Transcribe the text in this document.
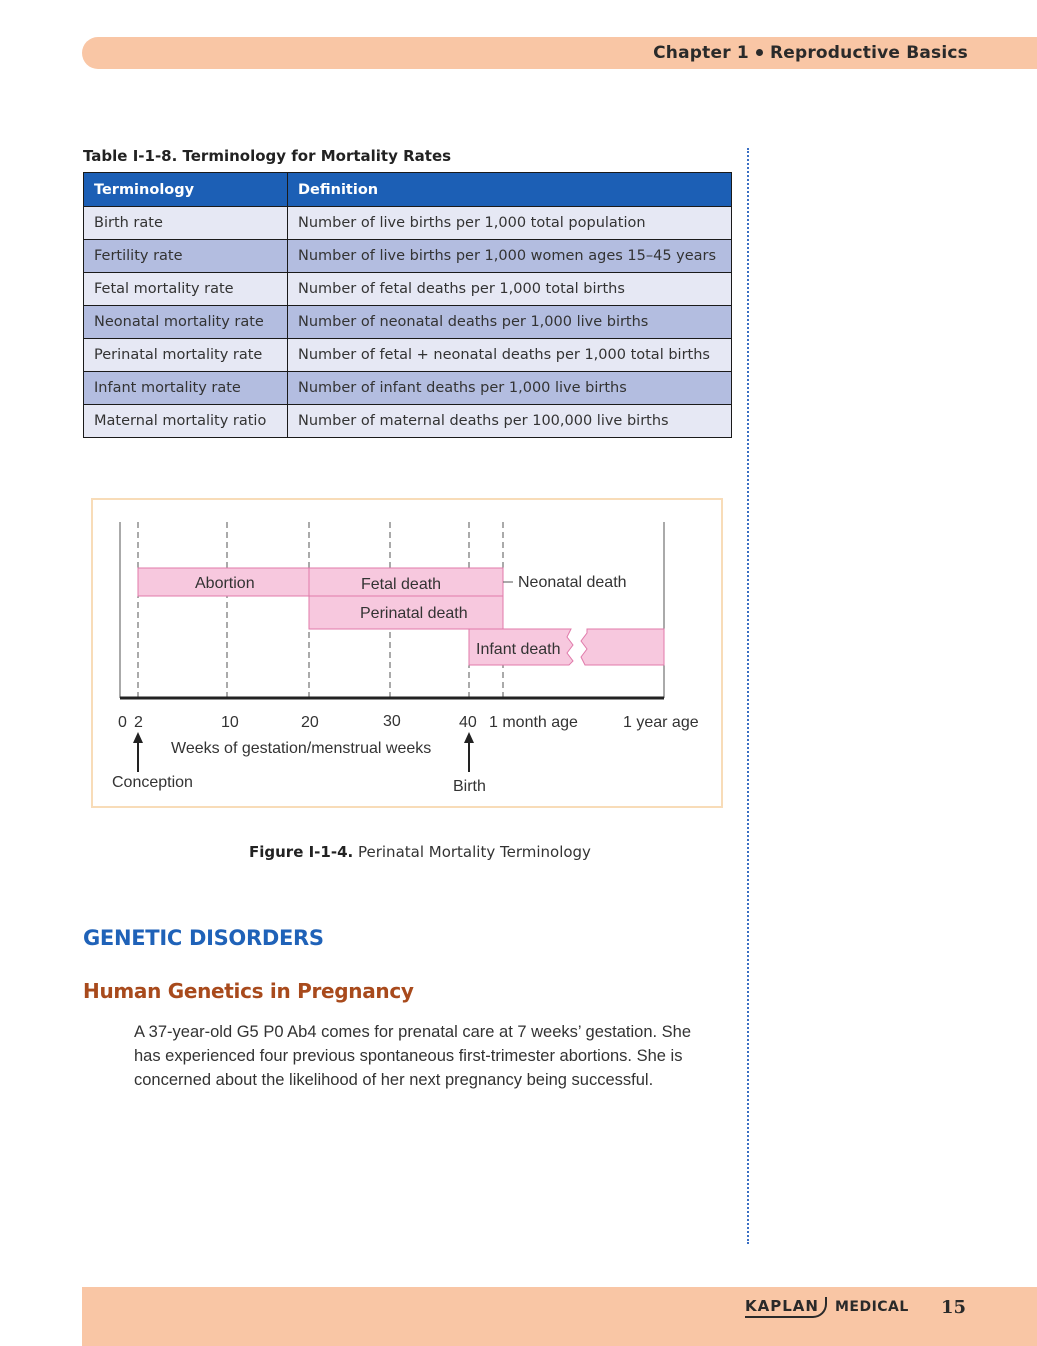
Chapter 1 Reproductive Basics
Table I-1-8. Terminology for Mortality Rates
Terminology	Definition
Birth rate	Number of live births per 1,000 total population
Fertility rate	Number of live births per 1,000 women ages 15–45 years
Fetal mortality rate	Number of fetal deaths per 1,000 total births
Neonatal mortality rate	Number of neonatal deaths per 1,000 live births
Perinatal mortality rate	Number of fetal + neonatal deaths per 1,000 total births
Infant mortality rate	Number of infant deaths per 1,000 live births
Maternal mortality ratio	Number of maternal deaths per 100,000 live births
Abortion	Fetal death	Neonatal death
Perinatal death
Infant death
0 2	10	20	30	40 1 month age	1 year age
Weeks of gestation/menstrual weeks
Conception	Birth
Figure I-1-4. Perinatal Mortality Terminology
GENETIC DISORDERS
Human Genetics in Pregnancy
A 37-year-old G5 P0 Ab4 comes for prenatal care at 7 weeks’ gestation. She has experienced four previous spontaneous first-trimester abortions. She is concerned about the likelihood of her next pregnancy being successful.
KAPLAN MEDICAL 15
